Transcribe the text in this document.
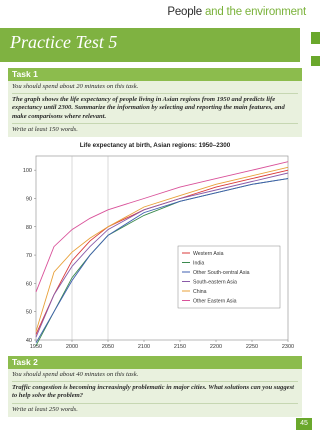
People and the environment
Practice Test 5
Task 1
You should spend about 20 minutes on this task.
The graph shows the life expectancy of people living in Asian regions from 1950 and predicts life expectancy until 2300. Summarize the information by selecting and reporting the main features, and make comparisons where relevant.
Write at least 150 words.
Life expectancy at birth, Asian regions: 1950–2300
40
50
60
70
80
90
100
1950	2000	2050	2100	2150	2200	2250	2300
Western Asia
India
Other South-central Asia
South-eastern Asia
China
Other Eastern Asia
Task 2
You should spend about 40 minutes on this task.
Traffic congestion is becoming increasingly problematic in major cities. What solutions can you suggest to help solve the problem?
Write at least 250 words.
45
